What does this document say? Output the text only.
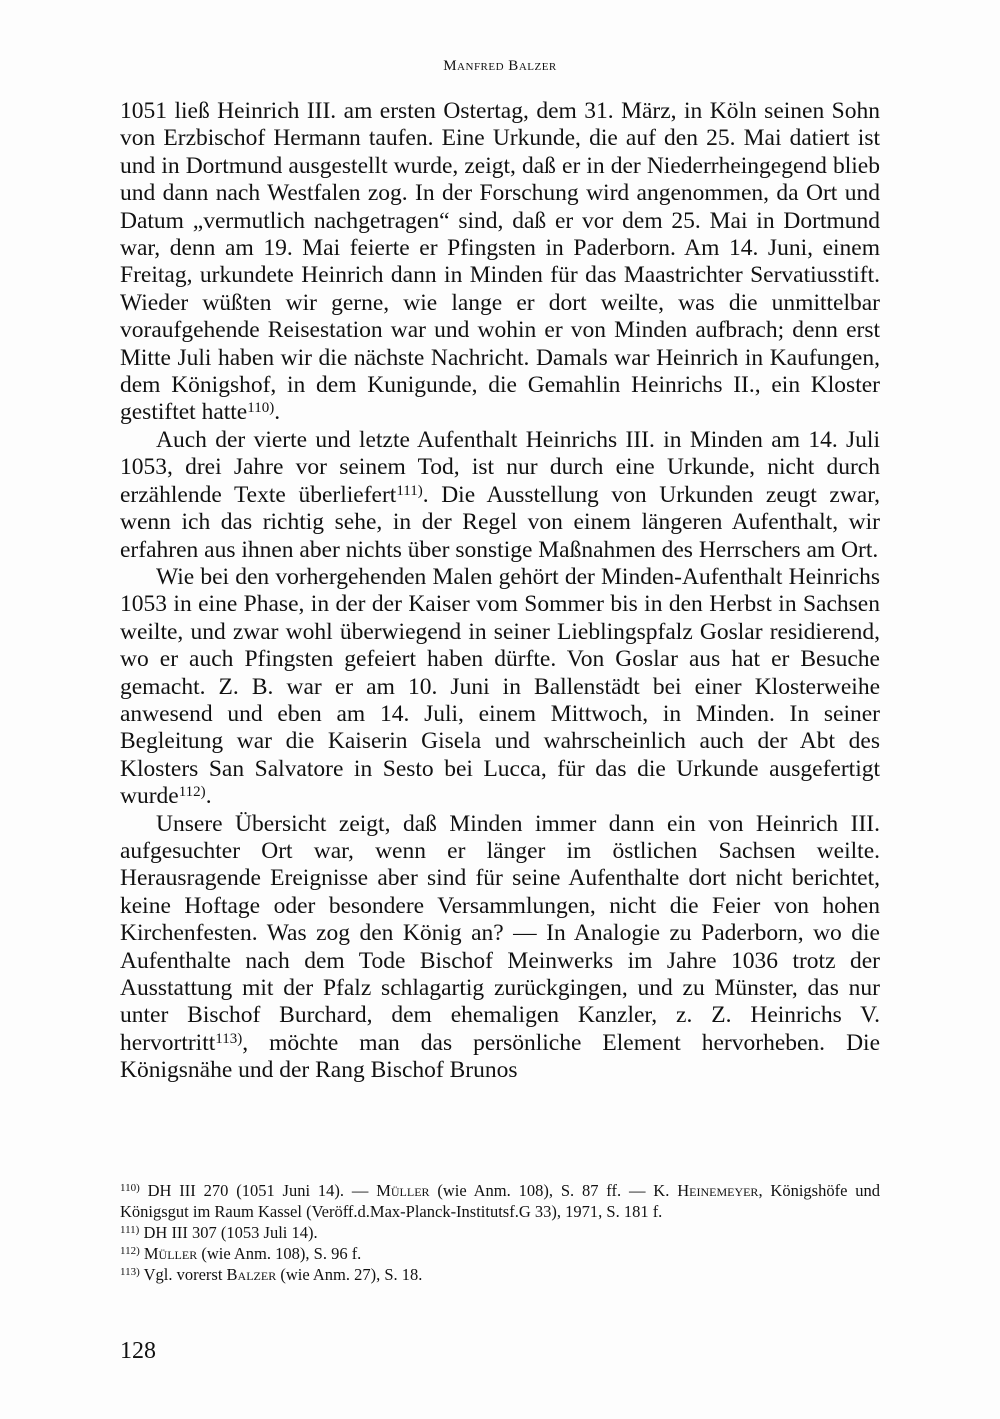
Manfred Balzer

1051 ließ Heinrich III. am ersten Ostertag, dem 31. März, in Köln seinen Sohn von Erzbischof Hermann taufen. Eine Urkunde, die auf den 25. Mai datiert ist und in Dortmund ausgestellt wurde, zeigt, daß er in der Niederrheingegend blieb und dann nach Westfalen zog. In der Forschung wird angenommen, da Ort und Datum „vermutlich nachgetragen“ sind, daß er vor dem 25. Mai in Dortmund war, denn am 19. Mai feierte er Pfingsten in Paderborn. Am 14. Juni, einem Freitag, urkundete Heinrich dann in Minden für das Maastrichter Servatiusstift. Wieder wüßten wir gerne, wie lange er dort weilte, was die unmittelbar voraufgehende Reisestation war und wohin er von Minden aufbrach; denn erst Mitte Juli haben wir die nächste Nachricht. Damals war Heinrich in Kaufungen, dem Königshof, in dem Kunigunde, die Gemahlin Heinrichs II., ein Kloster gestiftet hatte$^{110)}$.

Auch der vierte und letzte Aufenthalt Heinrichs III. in Minden am 14. Juli 1053, drei Jahre vor seinem Tod, ist nur durch eine Urkunde, nicht durch erzählende Texte überliefert$^{111)}$. Die Ausstellung von Urkunden zeugt zwar, wenn ich das richtig sehe, in der Regel von einem längeren Aufenthalt, wir erfahren aus ihnen aber nichts über sonstige Maßnahmen des Herrschers am Ort.

Wie bei den vorhergehenden Malen gehört der Minden-Aufenthalt Heinrichs 1053 in eine Phase, in der der Kaiser vom Sommer bis in den Herbst in Sachsen weilte, und zwar wohl überwiegend in seiner Lieblingspfalz Goslar residierend, wo er auch Pfingsten gefeiert haben dürfte. Von Goslar aus hat er Besuche gemacht. Z. B. war er am 10. Juni in Ballenstädt bei einer Klosterweihe anwesend und eben am 14. Juli, einem Mittwoch, in Minden. In seiner Begleitung war die Kaiserin Gisela und wahrscheinlich auch der Abt des Klosters San Salvatore in Sesto bei Lucca, für das die Urkunde ausgefertigt wurde$^{112)}$.

Unsere Übersicht zeigt, daß Minden immer dann ein von Heinrich III. aufgesuchter Ort war, wenn er länger im östlichen Sachsen weilte. Herausragende Ereignisse aber sind für seine Aufenthalte dort nicht berichtet, keine Hoftage oder besondere Versammlungen, nicht die Feier von hohen Kirchenfesten. Was zog den König an? — In Analogie zu Paderborn, wo die Aufenthalte nach dem Tode Bischof Meinwerks im Jahre 1036 trotz der Ausstattung mit der Pfalz schlagartig zurückgingen, und zu Münster, das nur unter Bischof Burchard, dem ehemaligen Kanzler, z. Z. Heinrichs V. hervortritt$^{113)}$, möchte man das persönliche Element hervorheben. Die Königsnähe und der Rang Bischof Brunos

$^{110)}$ DH III 270 (1051 Juni 14). — Müller (wie Anm. 108), S. 87 ff. — K. Heinemeyer, Königshöfe und Königsgut im Raum Kassel (Veröff.d.Max-Planck-Institutsf.G 33), 1971, S. 181 f.

$^{111)}$ DH III 307 (1053 Juli 14).

$^{112)}$ Müller (wie Anm. 108), S. 96 f.

$^{113)}$ Vgl. vorerst Balzer (wie Anm. 27), S. 18.

128
